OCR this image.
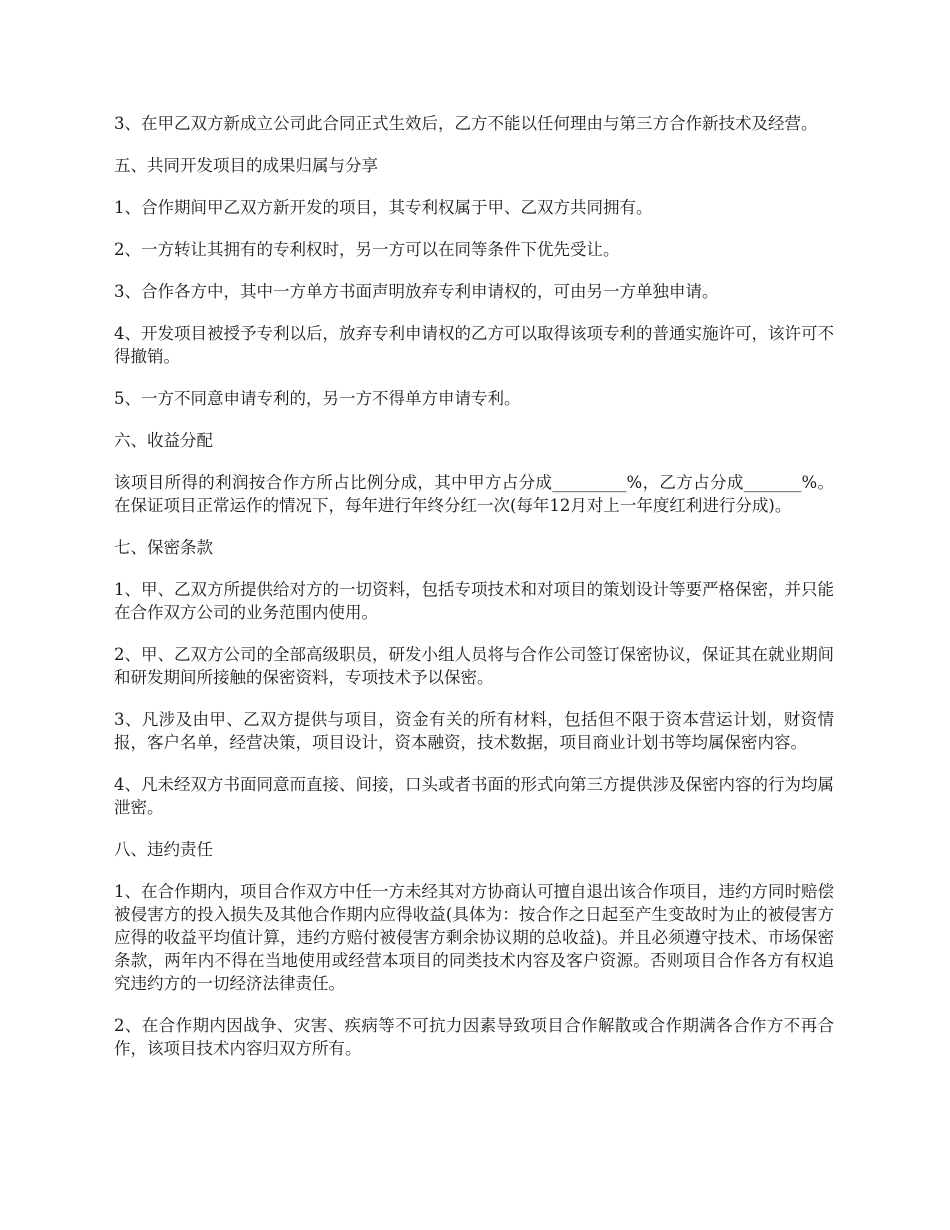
3、在甲乙双方新成立公司此合同正式生效后，乙方不能以任何理由与第三方合作新技术及经营。

五、共同开发项目的成果归属与分享

1、合作期间甲乙双方新开发的项目，其专利权属于甲、乙双方共同拥有。

2、一方转让其拥有的专利权时，另一方可以在同等条件下优先受让。

3、合作各方中，其中一方单方书面声明放弃专利申请权的，可由另一方单独申请。

4、开发项目被授予专利以后，放弃专利申请权的乙方可以取得该项专利的普通实施许可，该许可不得撤销。

5、一方不同意申请专利的，另一方不得单方申请专利。

六、收益分配

该项目所得的利润按合作方所占比例分成，其中甲方占分成_________%，乙方占分成_______%。在保证项目正常运作的情况下，每年进行年终分红一次(每年12月对上一年度红利进行分成)。

七、保密条款

1、甲、乙双方所提供给对方的一切资料，包括专项技术和对项目的策划设计等要严格保密，并只能在合作双方公司的业务范围内使用。

2、甲、乙双方公司的全部高级职员，研发小组人员将与合作公司签订保密协议，保证其在就业期间和研发期间所接触的保密资料，专项技术予以保密。

3、凡涉及由甲、乙双方提供与项目，资金有关的所有材料，包括但不限于资本营运计划，财资情报，客户名单，经营决策，项目设计，资本融资，技术数据，项目商业计划书等均属保密内容。

4、凡未经双方书面同意而直接、间接，口头或者书面的形式向第三方提供涉及保密内容的行为均属泄密。

八、违约责任

1、在合作期内，项目合作双方中任一方未经其对方协商认可擅自退出该合作项目，违约方同时赔偿被侵害方的投入损失及其他合作期内应得收益(具体为：按合作之日起至产生变故时为止的被侵害方应得的收益平均值计算，违约方赔付被侵害方剩余协议期的总收益)。并且必须遵守技术、市场保密条款，两年内不得在当地使用或经营本项目的同类技术内容及客户资源。否则项目合作各方有权追究违约方的一切经济法律责任。

2、在合作期内因战争、灾害、疾病等不可抗力因素导致项目合作解散或合作期满各合作方不再合作，该项目技术内容归双方所有。
